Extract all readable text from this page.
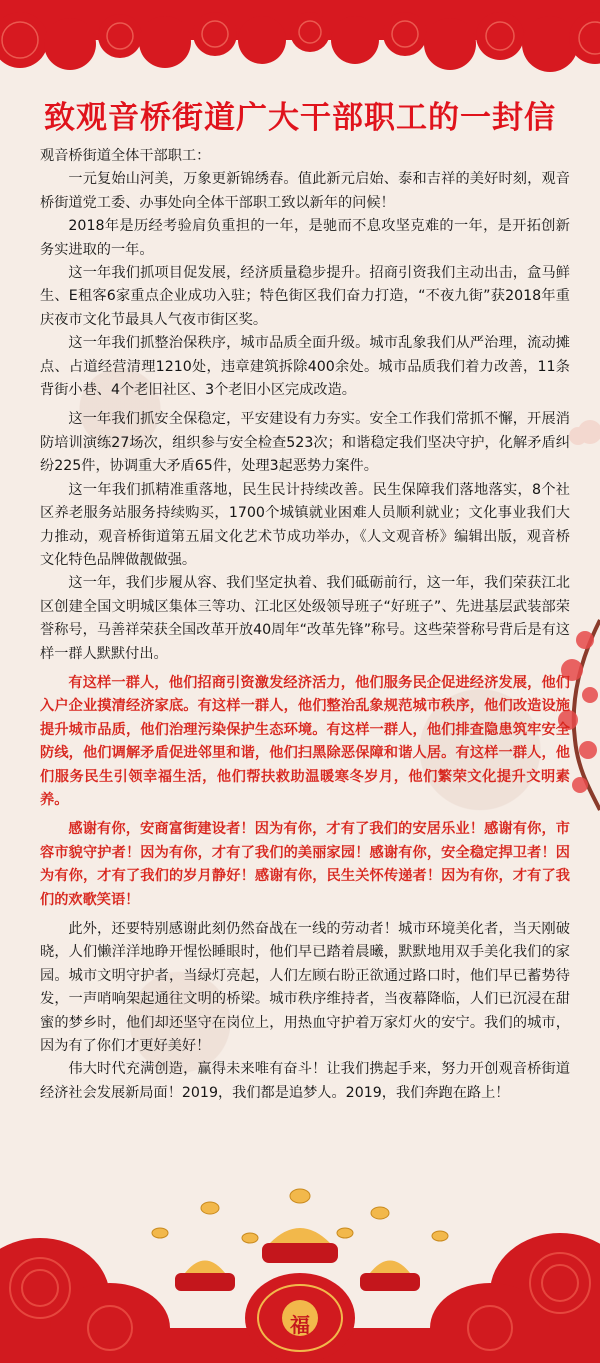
致观音桥街道广大干部职工的一封信

观音桥街道全体干部职工：

一元复始山河美，万象更新锦绣春。值此新元启始、泰和吉祥的美好时刻，观音桥街道党工委、办事处向全体干部职工致以新年的问候！

2018年是历经考验肩负重担的一年，是驰而不息攻坚克难的一年，是开拓创新务实进取的一年。

这一年我们抓项目促发展，经济质量稳步提升。招商引资我们主动出击，盒马鲜生、E租客6家重点企业成功入驻；特色街区我们奋力打造，“不夜九街”获2018年重庆夜市文化节最具人气夜市街区奖。

这一年我们抓整治保秩序，城市品质全面升级。城市乱象我们从严治理，流动摊点、占道经营清理1210处，违章建筑拆除400余处。城市品质我们着力改善，11条背街小巷、4个老旧社区、3个老旧小区完成改造。

这一年我们抓安全保稳定，平安建设有力夯实。安全工作我们常抓不懈，开展消防培训演练27场次，组织参与安全检查523次；和谐稳定我们坚决守护，化解矛盾纠纷225件，协调重大矛盾65件，处理3起恶势力案件。

这一年我们抓精准重落地，民生民计持续改善。民生保障我们落地落实，8个社区养老服务站服务持续购买，1700个城镇就业困难人员顺利就业；文化事业我们大力推动，观音桥街道第五届文化艺术节成功举办，《人文观音桥》编辑出版，观音桥文化特色品牌做靓做强。

这一年，我们步履从容、我们坚定执着、我们砥砺前行，这一年，我们荣获江北区创建全国文明城区集体三等功、江北区处级领导班子“好班子”、先进基层武装部荣誉称号，马善祥荣获全国改革开放40周年“改革先锋”称号。这些荣誉称号背后是有这样一群人默默付出。

有这样一群人，他们招商引资激发经济活力，他们服务民企促进经济发展，他们入户企业摸清经济家底。有这样一群人，他们整治乱象规范城市秩序，他们改造设施提升城市品质，他们治理污染保护生态环境。有这样一群人，他们排查隐患筑牢安全防线，他们调解矛盾促进邻里和谐，他们扫黑除恶保障和谐人居。有这样一群人，他们服务民生引领幸福生活，他们帮扶救助温暖寒冬岁月，他们繁荣文化提升文明素养。

感谢有你，安商富街建设者！因为有你，才有了我们的安居乐业！感谢有你，市容市貌守护者！因为有你，才有了我们的美丽家园！感谢有你，安全稳定捍卫者！因为有你，才有了我们的岁月静好！感谢有你，民生关怀传递者！因为有你，才有了我们的欢歌笑语！

此外，还要特别感谢此刻仍然奋战在一线的劳动者！城市环境美化者，当天刚破晓，人们懒洋洋地睁开惺忪睡眼时，他们早已踏着晨曦，默默地用双手美化我们的家园。城市文明守护者，当绿灯亮起，人们左顾右盼正欲通过路口时，他们早已蓄势待发，一声哨响架起通往文明的桥梁。城市秩序维持者，当夜幕降临，人们已沉浸在甜蜜的梦乡时，他们却还坚守在岗位上，用热血守护着万家灯火的安宁。我们的城市，因为有了你们才更好美好！

伟大时代充满创造，赢得未来唯有奋斗！让我们携起手来，努力开创观音桥街道经济社会发展新局面！2019，我们都是追梦人。2019，我们奔跑在路上！

福
